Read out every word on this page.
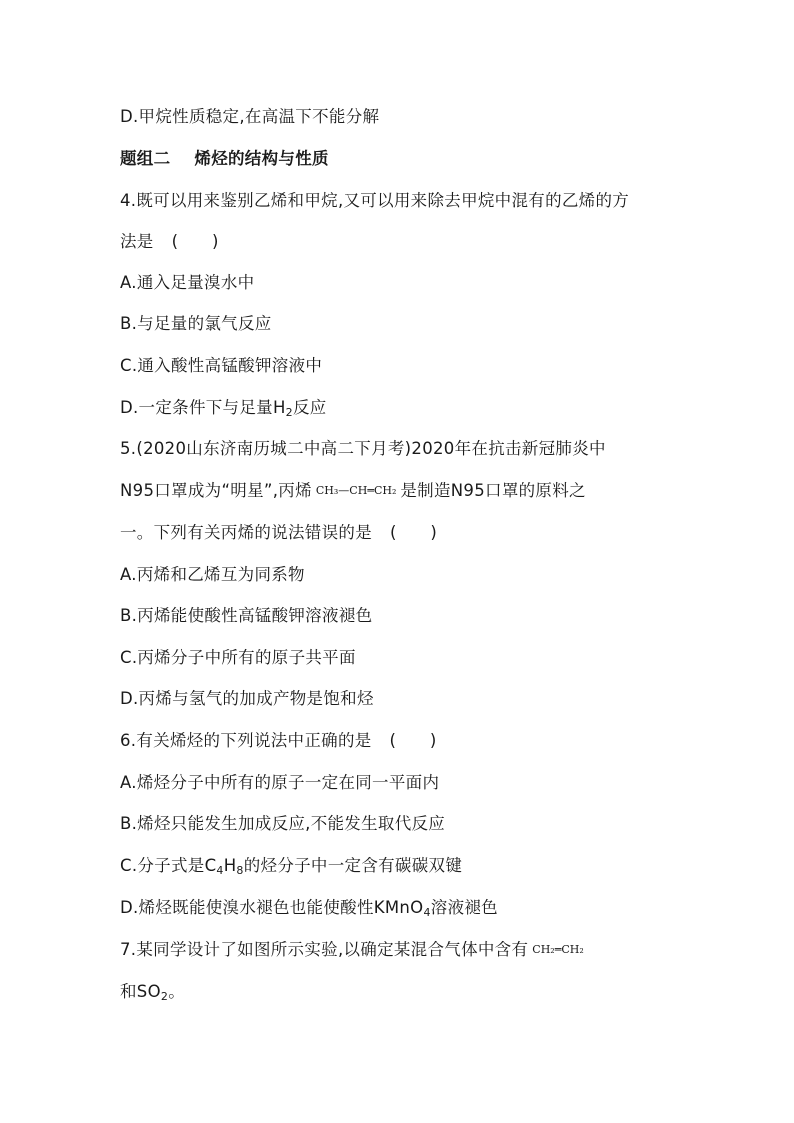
D.甲烷性质稳定,在高温下不能分解
题组二 烯烃的结构与性质
4.既可以用来鉴别乙烯和甲烷,又可以用来除去甲烷中混有的乙烯的方
法是 (　　)
A.通入足量溴水中
B.与足量的氯气反应
C.通入酸性高锰酸钾溶液中
D.一定条件下与足量$H_2$反应
5.(2020山东济南历城二中高二下月考)2020年在抗击新冠肺炎中
N95口罩成为“明星”,丙烯 CH₃—CH═CH₂ 是制造N95口罩的原料之
一。下列有关丙烯的说法错误的是 (　　)
A.丙烯和乙烯互为同系物
B.丙烯能使酸性高锰酸钾溶液褪色
C.丙烯分子中所有的原子共平面
D.丙烯与氢气的加成产物是饱和烃
6.有关烯烃的下列说法中正确的是 (　　)
A.烯烃分子中所有的原子一定在同一平面内
B.烯烃只能发生加成反应,不能发生取代反应
C.分子式是$C_4H_8$的烃分子中一定含有碳碳双键
D.烯烃既能使溴水褪色也能使酸性KMnO$_4$溶液褪色
7.某同学设计了如图所示实验,以确定某混合气体中含有 CH₂═CH₂
和$SO_2$。
